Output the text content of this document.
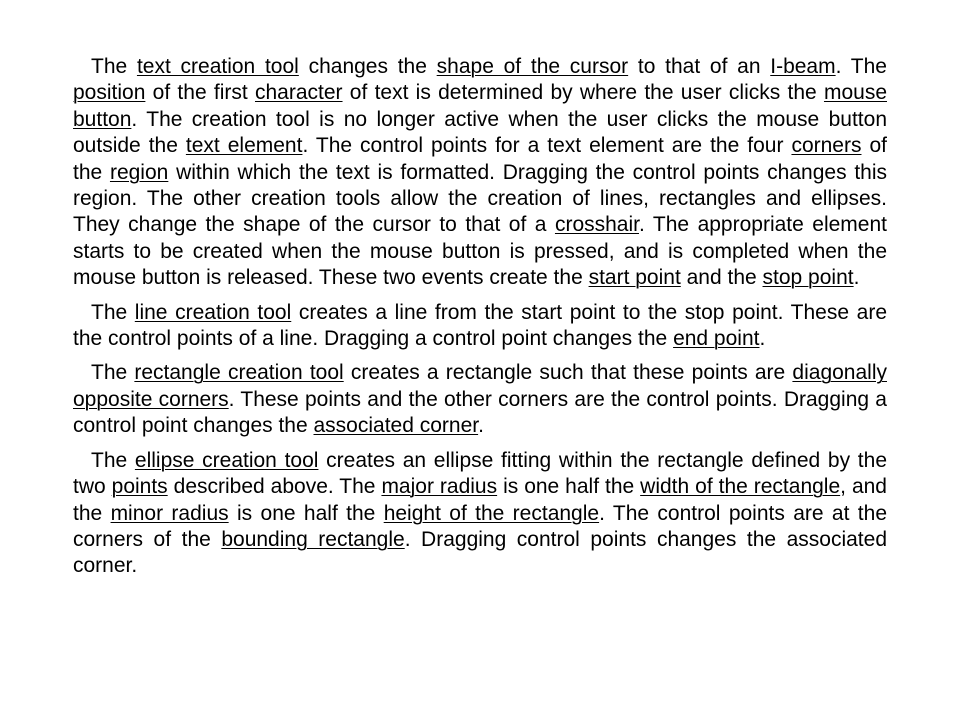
The text creation tool changes the shape of the cursor to that of an I-beam. The position of the first character of text is determined by where the user clicks the mouse button. The creation tool is no longer active when the user clicks the mouse button outside the text element. The control points for a text element are the four corners of the region within which the text is formatted. Dragging the control points changes this region. The other creation tools allow the creation of lines, rectangles and ellipses. They change the shape of the cursor to that of a crosshair. The appropriate element starts to be created when the mouse button is pressed, and is completed when the mouse button is released. These two events create the start point and the stop point.

The line creation tool creates a line from the start point to the stop point. These are the control points of a line. Dragging a control point changes the end point.

The rectangle creation tool creates a rectangle such that these points are diagonally opposite corners. These points and the other corners are the control points. Dragging a control point changes the associated corner.

The ellipse creation tool creates an ellipse fitting within the rectangle defined by the two points described above. The major radius is one half the width of the rectangle, and the minor radius is one half the height of the rectangle. The control points are at the corners of the bounding rectangle. Dragging control points changes the associated corner.
